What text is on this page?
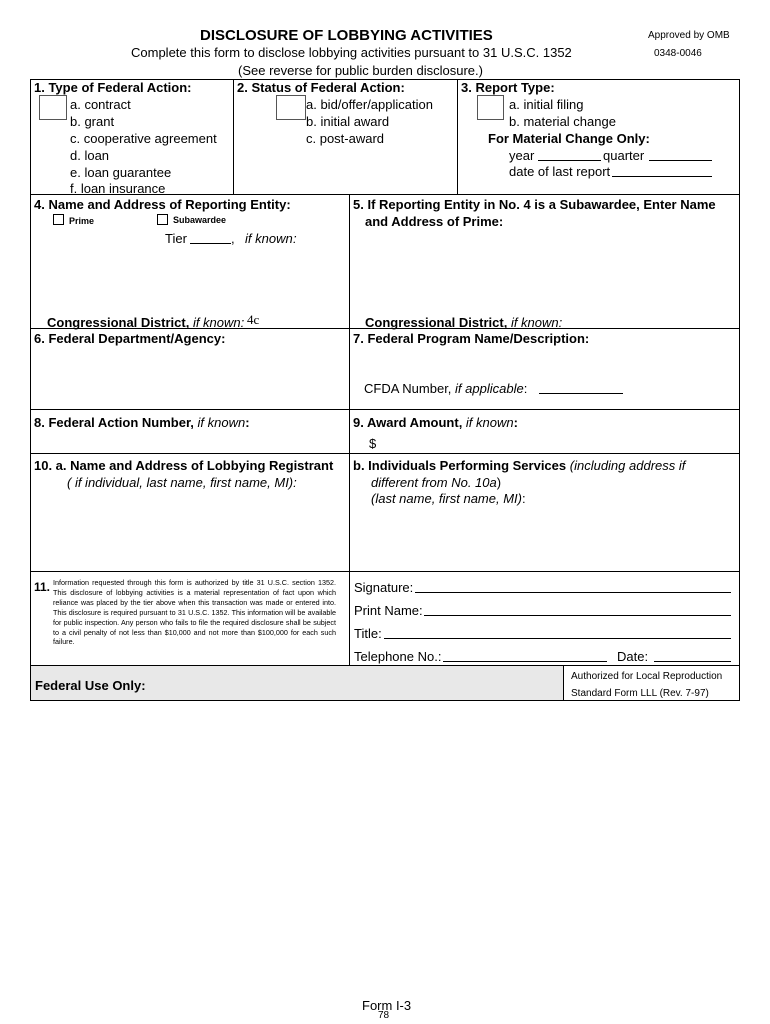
DISCLOSURE OF LOBBYING ACTIVITIES	Approved by OMB
0348-0046
Complete this form to disclose lobbying activities pursuant to 31 U.S.C. 1352
(See reverse for public burden disclosure.)
1. Type of Federal Action:
a. contract
b. grant
c. cooperative agreement
d. loan
e. loan guarantee
f. loan insurance
2. Status of Federal Action:
a. bid/offer/application
b. initial award
c. post-award
3. Report Type:
a. initial filing
b. material change
For Material Change Only:
year	quarter
date of last report
4. Name and Address of Reporting Entity:
Prime	Subawardee
Tier	, if known :
Congressional District, if known: 4c
5. If Reporting Entity in No. 4 is a Subawardee, Enter Name
and Address of Prime:
Congressional District, if known:
6. Federal Department/Agency:	7. Federal Program Name/Description:
CFDA Number, if applicable:
8. Federal Action Number, if known:	9. Award Amount, if known:
$
10. a. Name and Address of Lobbying Registrant
( if individual, last name, first name, MI):
b. Individuals Performing Services (including address if
different from No. 10a)
(last name, first name, MI):
11. Information requested through this form is authorized by title 31 U.S.C. section 1352. This disclosure of lobbying activities is a material representation of fact upon which reliance was placed by the tier above when this transaction was made or entered into. This disclosure is required pursuant to 31 U.S.C. 1352. This information will be available for public inspection. Any person who fails to file the required disclosure shall be subject to a civil penalty of not less than $10,000 and not more than $100,000 for each such failure.
Signature:
Print Name:
Title:
Telephone No.:	Date:
Federal Use Only:
Authorized for Local Reproduction
Standard Form LLL (Rev. 7-97)
Form I-3
78
